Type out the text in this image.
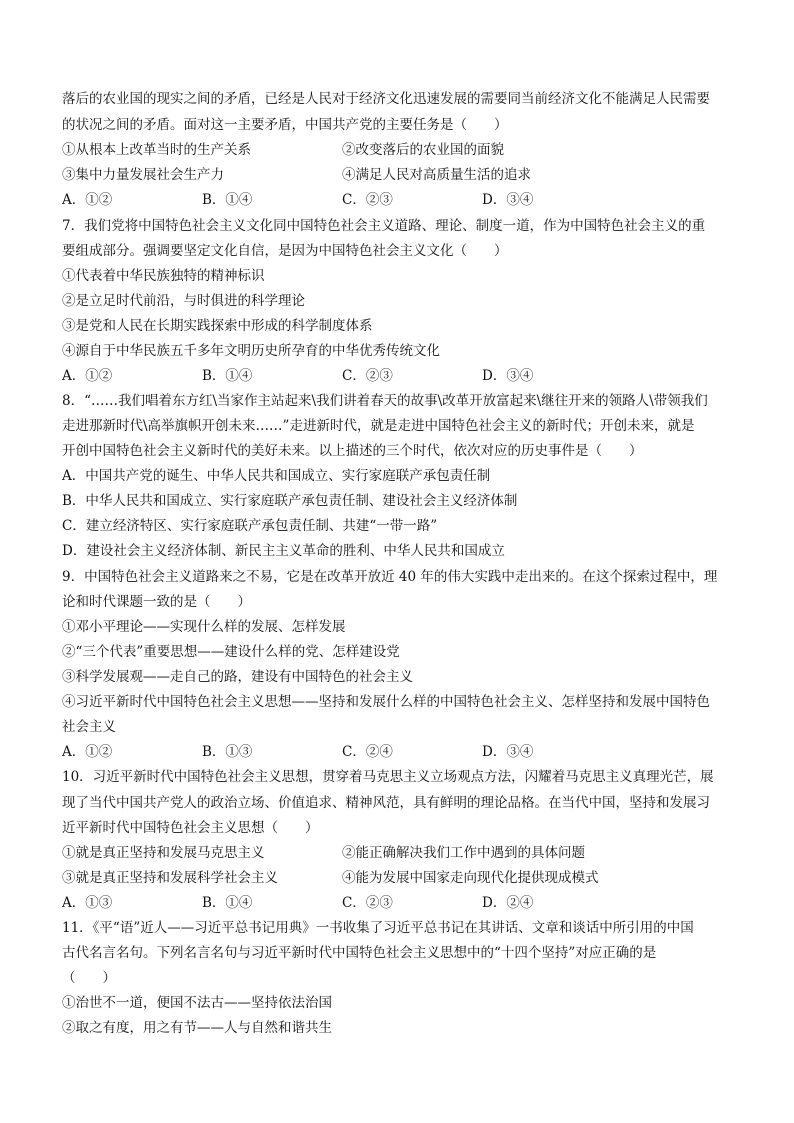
落后的农业国的现实之间的矛盾，已经是人民对于经济文化迅速发展的需要同当前经济文化不能满足人民需要
的状况之间的矛盾。面对这一主要矛盾，中国共产党的主要任务是（　　）
①从根本上改革当时的生产关系	②改变落后的农业国的面貌
③集中力量发展社会生产力	④满足人民对高质量生活的追求
A．①②	B．①④	C．②③	D．③④
7．我们党将中国特色社会主义文化同中国特色社会主义道路、理论、制度一道，作为中国特色社会主义的重
要组成部分。强调要坚定文化自信，是因为中国特色社会主义文化（　　）
①代表着中华民族独特的精神标识
②是立足时代前沿，与时俱进的科学理论
③是党和人民在长期实践探索中形成的科学制度体系
④源自于中华民族五千多年文明历史所孕育的中华优秀传统文化
A．①②	B．①④	C．②③	D．③④
8．“……我们唱着东方红\当家作主站起来\我们讲着春天的故事\改革开放富起来\继往开来的领路人\带领我们
走进那新时代\高举旗帜开创未来……”走进新时代，就是走进中国特色社会主义的新时代；开创未来，就是
开创中国特色社会主义新时代的美好未来。以上描述的三个时代，依次对应的历史事件是（　　）
A．中国共产党的诞生、中华人民共和国成立、实行家庭联产承包责任制
B．中华人民共和国成立、实行家庭联产承包责任制、建设社会主义经济体制
C．建立经济特区、实行家庭联产承包责任制、共建“一带一路”
D．建设社会主义经济体制、新民主主义革命的胜利、中华人民共和国成立
9．中国特色社会主义道路来之不易，它是在改革开放近 40 年的伟大实践中走出来的。在这个探索过程中，理
论和时代课题一致的是（　　）
①邓小平理论——实现什么样的发展、怎样发展
②“三个代表”重要思想——建设什么样的党、怎样建设党
③科学发展观——走自己的路，建设有中国特色的社会主义
④习近平新时代中国特色社会主义思想——坚持和发展什么样的中国特色社会主义、怎样坚持和发展中国特色
社会主义
A．①②	B．①③	C．②④	D．③④
10．习近平新时代中国特色社会主义思想，贯穿着马克思主义立场观点方法，闪耀着马克思主义真理光芒，展
现了当代中国共产党人的政治立场、价值追求、精神风范，具有鲜明的理论品格。在当代中国，坚持和发展习
近平新时代中国特色社会主义思想（　　）
①就是真正坚持和发展马克思主义	②能正确解决我们工作中遇到的具体问题
③就是真正坚持和发展科学社会主义	④能为发展中国家走向现代化提供现成模式
A．①③	B．①④	C．②③	D．②④
11．《平“语”近人——习近平总书记用典》一书收集了习近平总书记在其讲话、文章和谈话中所引用的中国
古代名言名句。下列名言名句与习近平新时代中国特色社会主义思想中的“十四个坚持”对应正确的是
（　　）
①治世不一道，便国不法古——坚持依法治国
②取之有度，用之有节——人与自然和谐共生
